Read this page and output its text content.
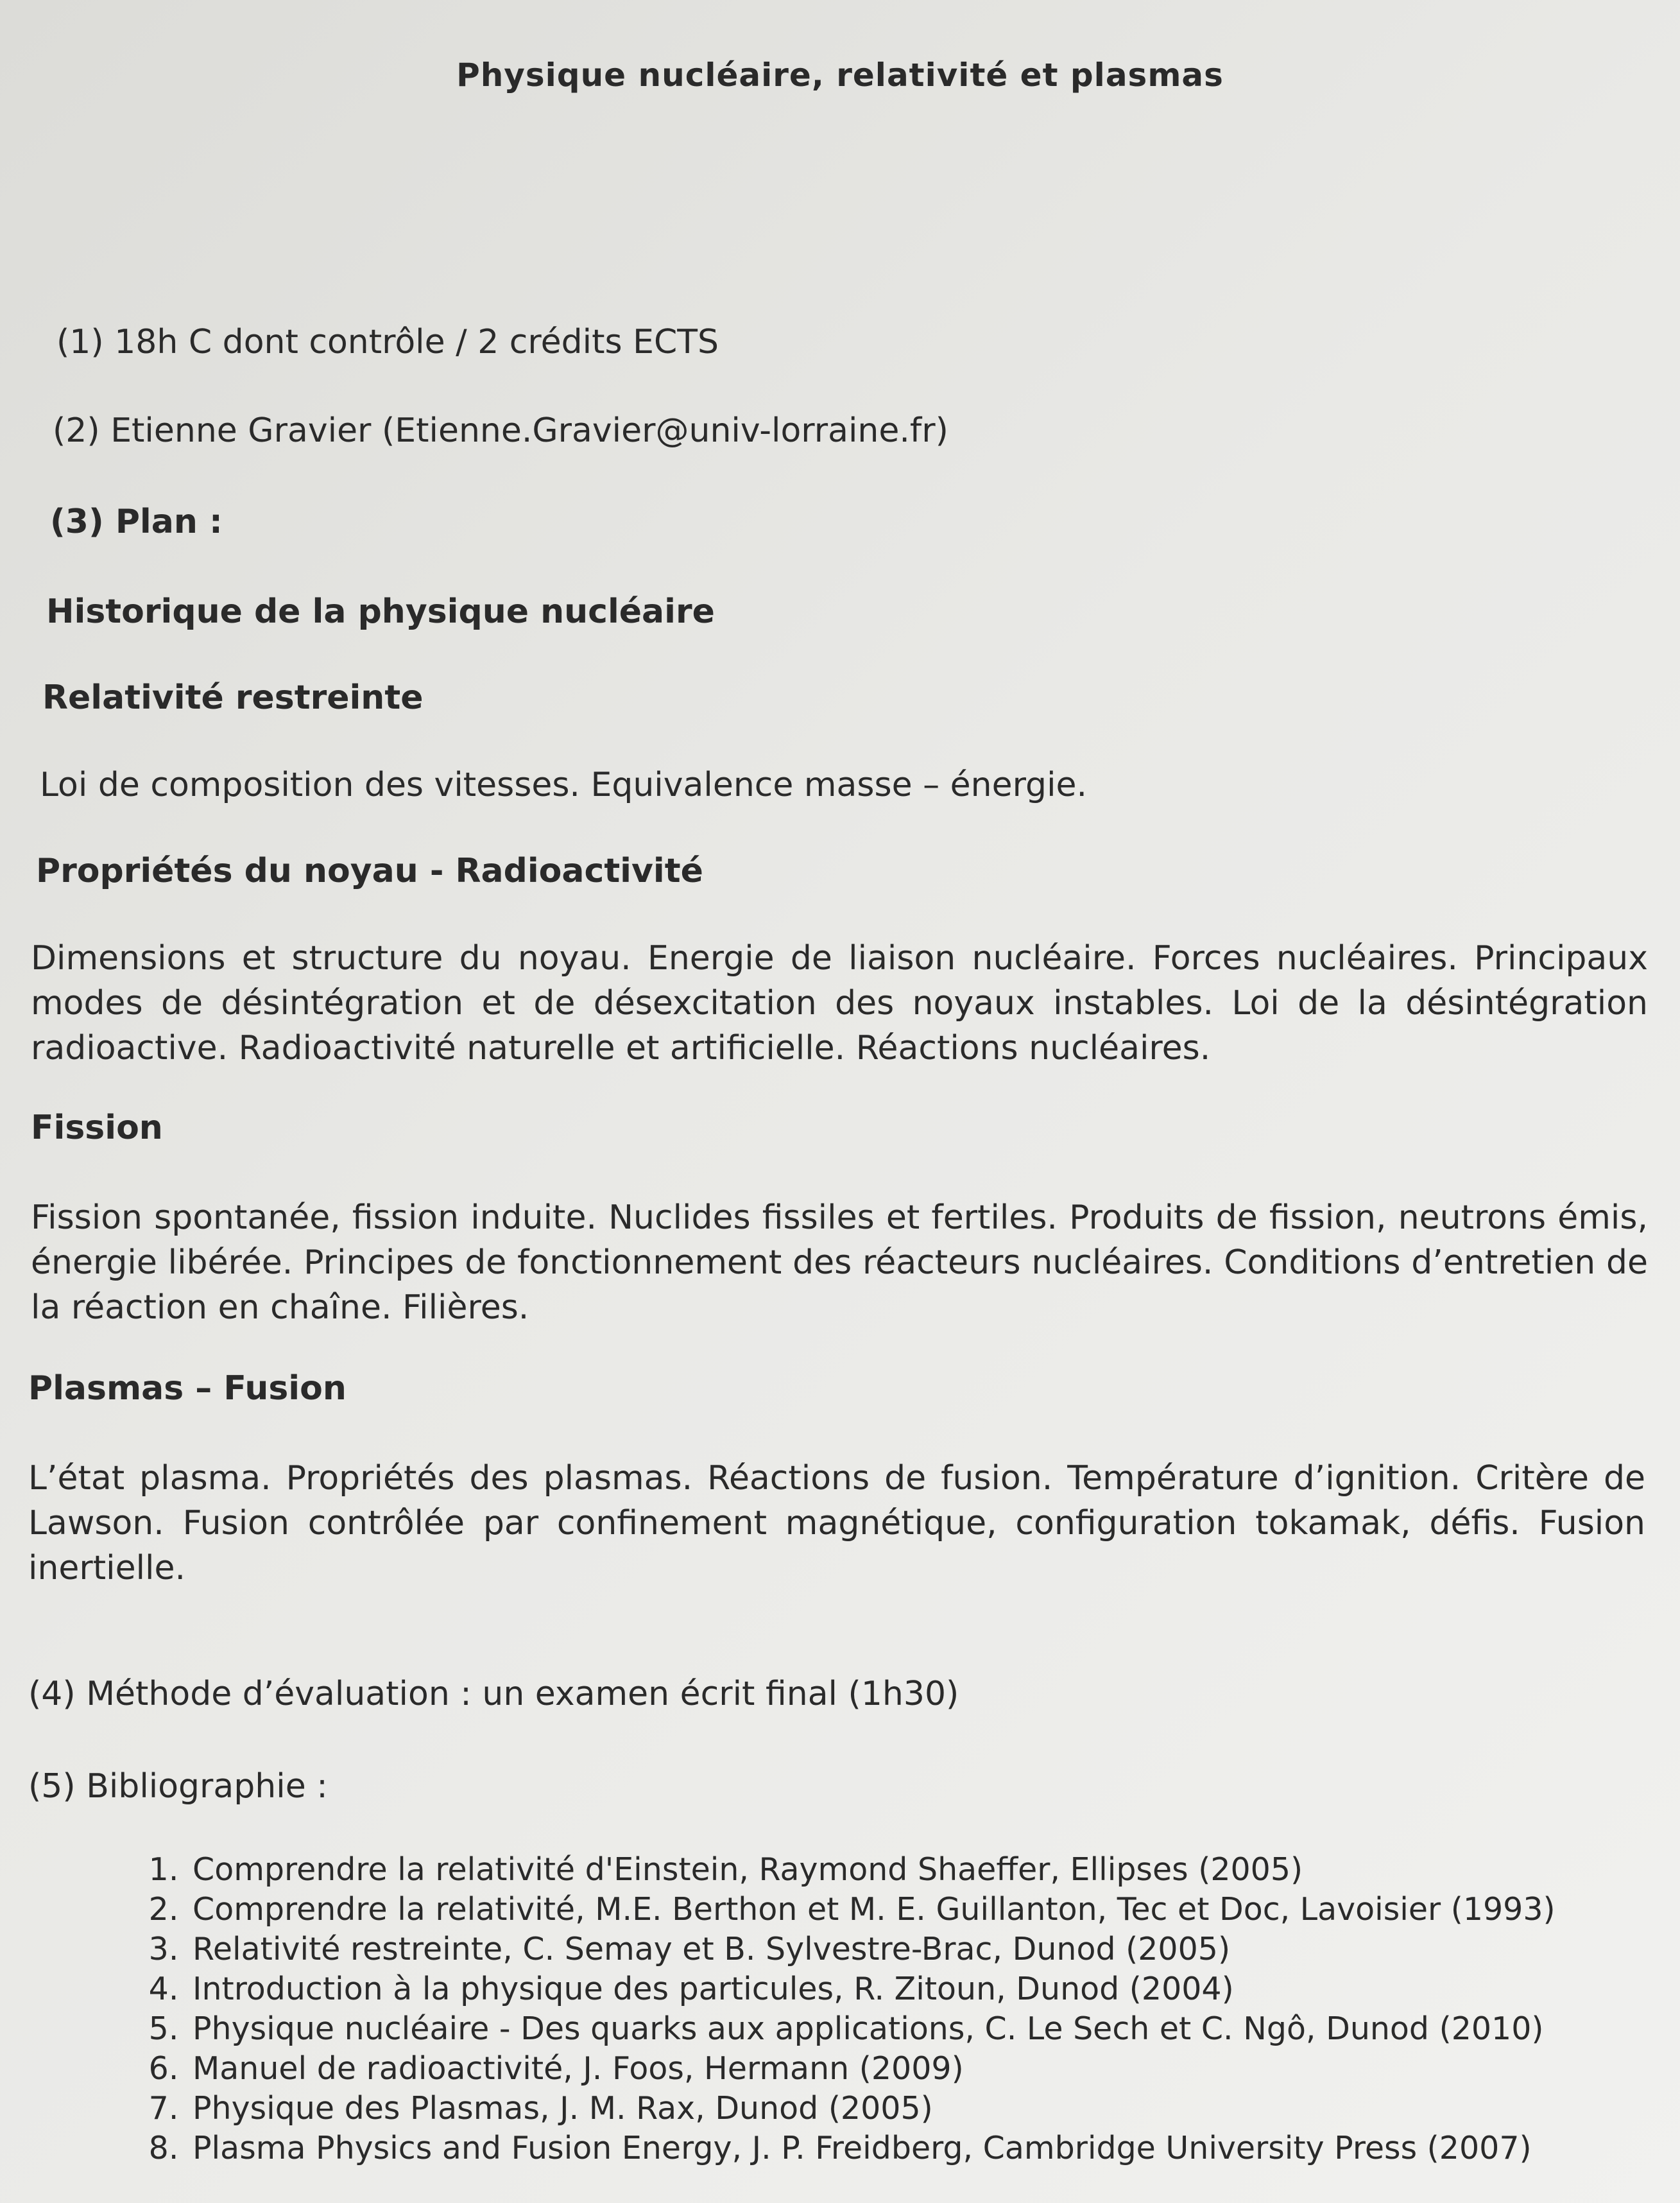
Physique nucléaire, relativité et plasmas
(1) 18h C dont contrôle / 2 crédits ECTS
(2) Etienne Gravier (Etienne.Gravier@univ-lorraine.fr)
(3) Plan :
Historique de la physique nucléaire
Relativité restreinte
Loi de composition des vitesses. Equivalence masse – énergie.
Propriétés du noyau - Radioactivité
Dimensions et structure du noyau. Energie de liaison nucléaire. Forces nucléaires. Principaux modes de désintégration et de désexcitation des noyaux instables. Loi de la désintégration radioactive. Radioactivité naturelle et artificielle. Réactions nucléaires.
Fission
Fission spontanée, fission induite. Nuclides fissiles et fertiles. Produits de fission, neutrons émis, énergie libérée. Principes de fonctionnement des réacteurs nucléaires. Conditions d’entretien de la réaction en chaîne. Filières.
Plasmas – Fusion
L’état plasma. Propriétés des plasmas. Réactions de fusion. Température d’ignition. Critère de Lawson. Fusion contrôlée par confinement magnétique, configuration tokamak, défis. Fusion inertielle.
(4) Méthode d’évaluation : un examen écrit final (1h30)
(5) Bibliographie :
1. Comprendre la relativité d'Einstein, Raymond Shaeffer, Ellipses (2005)
2. Comprendre la relativité, M.E. Berthon et M. E. Guillanton, Tec et Doc, Lavoisier (1993)
3. Relativité restreinte, C. Semay et B. Sylvestre-Brac, Dunod (2005)
4. Introduction à la physique des particules, R. Zitoun, Dunod (2004)
5. Physique nucléaire - Des quarks aux applications, C. Le Sech et C. Ngô, Dunod (2010)
6. Manuel de radioactivité, J. Foos, Hermann (2009)
7. Physique des Plasmas, J. M. Rax, Dunod (2005)
8. Plasma Physics and Fusion Energy, J. P. Freidberg, Cambridge University Press (2007)
